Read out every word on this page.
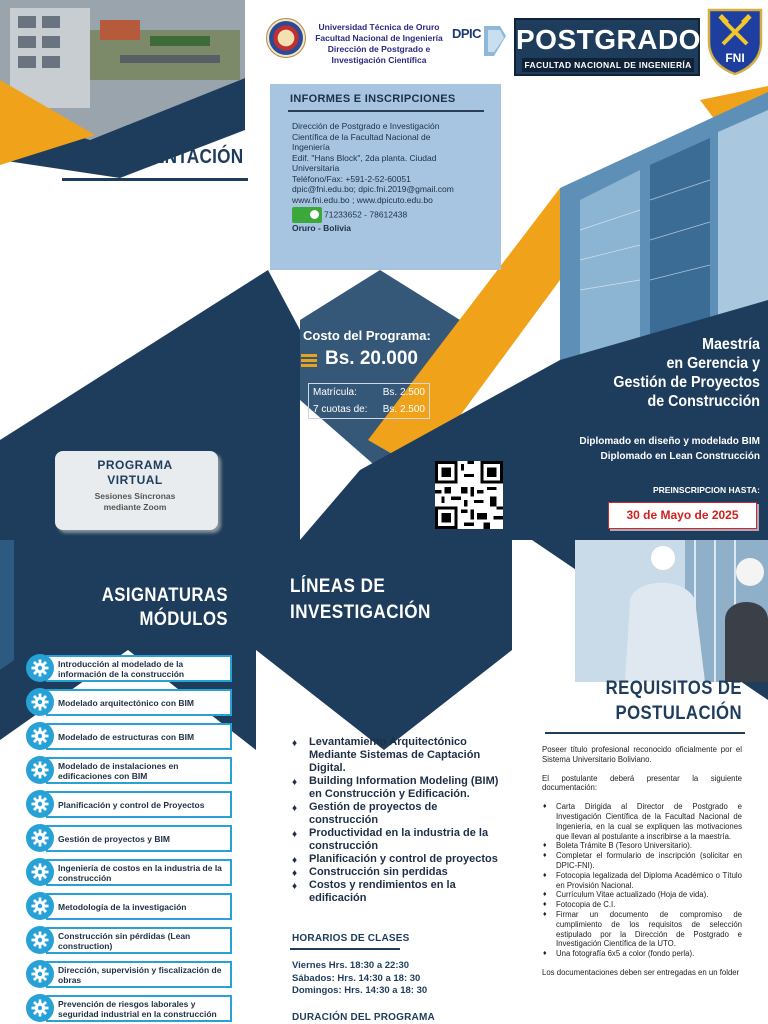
Universidad Técnica de Oruro
Facultad Nacional de Ingeniería
Dirección de Postgrado e
Investigación Científica
DPIC POSTGRADO
FACULTAD NACIONAL DE INGENIERÍA	FNI
PRESENTACIÓN
INFORMES E INSCRIPCIONES
Dirección de Postgrado e Investigación
Científica de la Facultad Nacional de
Ingeniería
Edif. "Hans Block", 2da planta. Ciudad
Universitaria
Teléfono/Fax: +591-2-52-60051
dpic@fni.edu.bo; dpic.fni.2019@gmail.com
www.fni.edu.bo ; www.dpicuto.edu.bo
71233652 - 78612438
Oruro - Bolivia
Costo del Programa:
Bs. 20.000
Matrícula:	Bs. 2.500
7 cuotas de: Bs. 2.500
Maestría
en Gerencia y
Gestión de Proyectos
de Construcción
Diplomado en diseño y modelado BIM
Diplomado en Lean Construcción
PREINSCRIPCION HASTA:
30 de Mayo de 2025
PROGRAMA
VIRTUAL
Sesiones Síncronas
mediante Zoom
ASIGNATURAS
MÓDULOS
Introducción al modelado de la información de la construcción
Modelado arquitectónico con BIM
Modelado de estructuras con BIM
Modelado de instalaciones en edificaciones con BIM
Planificación y control de Proyectos
Gestión de proyectos y BIM
Ingeniería de costos en la industria de la construcción
Metodología de la investigación
Construcción sin pérdidas (Lean construction)
Dirección, supervisión y fiscalización de obras
Prevención de riesgos laborales y seguridad industrial en la construcción
LÍNEAS DE
INVESTIGACIÓN
♦ Levantamiento Arquitectónico Mediante Sistemas de Captación Digital.
♦ Building Information Modeling (BIM) en Construcción y Edificación.
♦ Gestión de proyectos de construcción
♦ Productividad en la industria de la construcción
♦ Planificación y control de proyectos
♦ Construcción sin perdidas
♦ Costos y rendimientos en la edificación
HORARIOS DE CLASES
Viernes Hrs. 18:30 a 22:30
Sábados: Hrs. 14:30 a 18: 30
Domingos: Hrs. 14:30 a 18: 30
DURACIÓN DEL PROGRAMA
REQUISITOS DE
POSTULACIÓN

Poseer título profesional reconocido oficialmente por el Sistema Universitario Boliviano.

El postulante deberá presentar la siguiente documentación:

♦ Carta Dirigida al Director de Postgrado e Investigación Científica de la Facultad Nacional de Ingeniería, en la cual se expliquen las motivaciones que llevan al postulante a inscribirse a la maestría.
♦ Boleta Trámite B (Tesoro Universitario).
♦ Completar el formulario de inscripción (solicitar en DPIC-FNI).
♦ Fotocopia legalizada del Diploma Académico o Título en Provisión Nacional.
♦ Currículum Vitae actualizado (Hoja de vida).
♦ Fotocopia de C.I.
♦ Firmar un documento de compromiso de cumplimiento de los requisitos de selección estipulado por la Dirección de Postgrado e Investigación Científica de la UTO.
♦ Una fotografía 6x5 a color (fondo perla).

Los documentaciones deben ser entregadas en un folder
